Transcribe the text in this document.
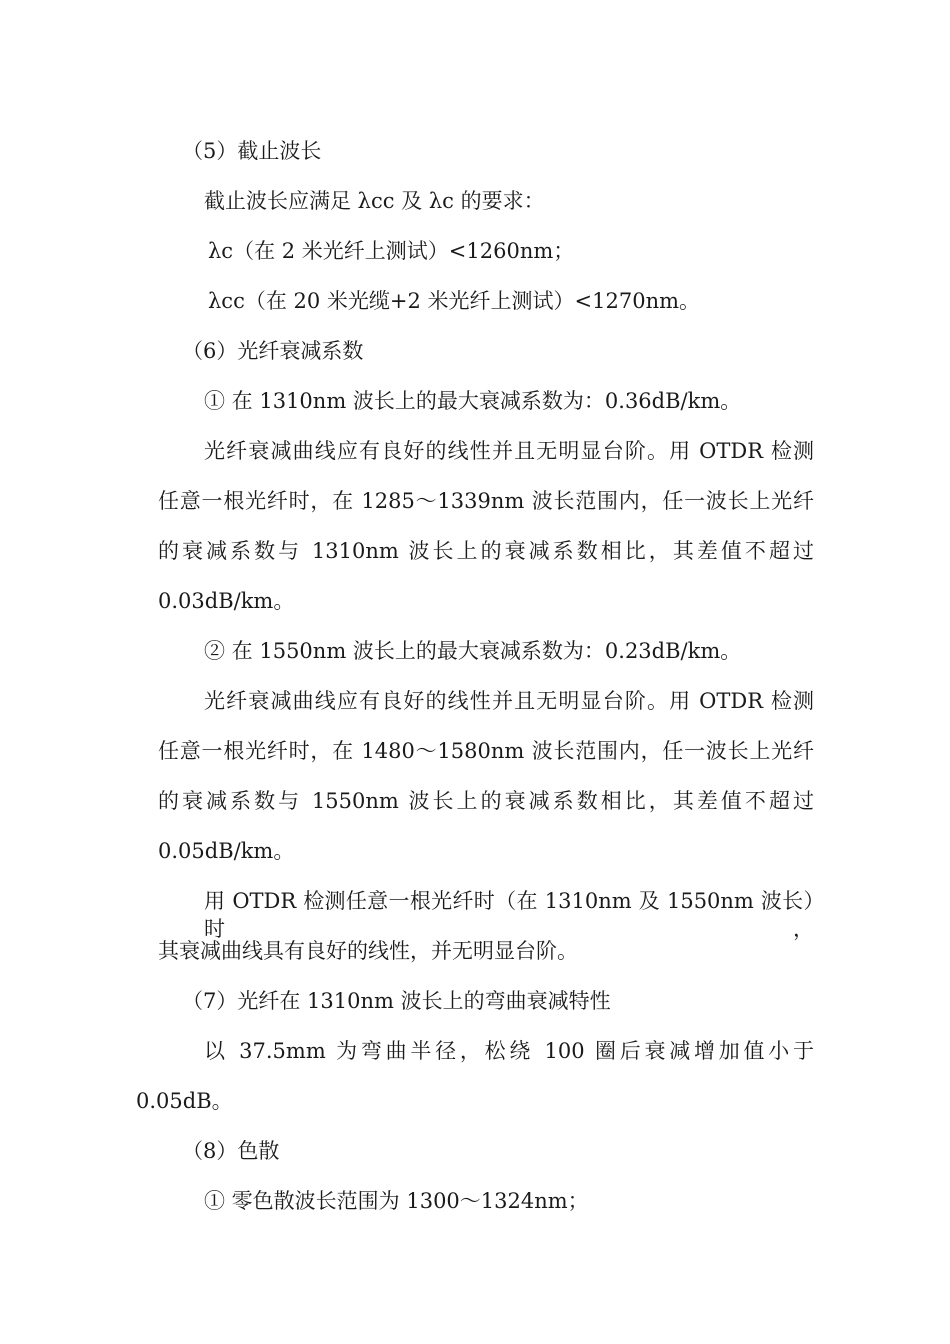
（5）截止波长
截止波长应满足 λcc 及 λc 的要求：
λc（在 2 米光纤上测试）<1260nm；
λcc（在 20 米光缆+2 米光纤上测试）<1270nm。
（6）光纤衰减系数
① 在 1310nm 波长上的最大衰减系数为：0.36dB/km。
光纤衰减曲线应有良好的线性并且无明显台阶。用 OTDR 检测
任意一根光纤时，在 1285～1339nm 波长范围内，任一波长上光纤
的衰减系数与 1310nm 波长上的衰减系数相比，其差值不超过
0.03dB/km。
② 在 1550nm 波长上的最大衰减系数为：0.23dB/km。
光纤衰减曲线应有良好的线性并且无明显台阶。用 OTDR 检测
任意一根光纤时，在 1480～1580nm 波长范围内，任一波长上光纤
的衰减系数与 1550nm 波长上的衰减系数相比，其差值不超过
0.05dB/km。
用 OTDR 检测任意一根光纤时（在 1310nm 及 1550nm 波长）时，
其衰减曲线具有良好的线性，并无明显台阶。
（7）光纤在 1310nm 波长上的弯曲衰减特性
以 37.5mm 为弯曲半径，松绕 100 圈后衰减增加值小于
0.05dB。
（8）色散
① 零色散波长范围为 1300～1324nm；
